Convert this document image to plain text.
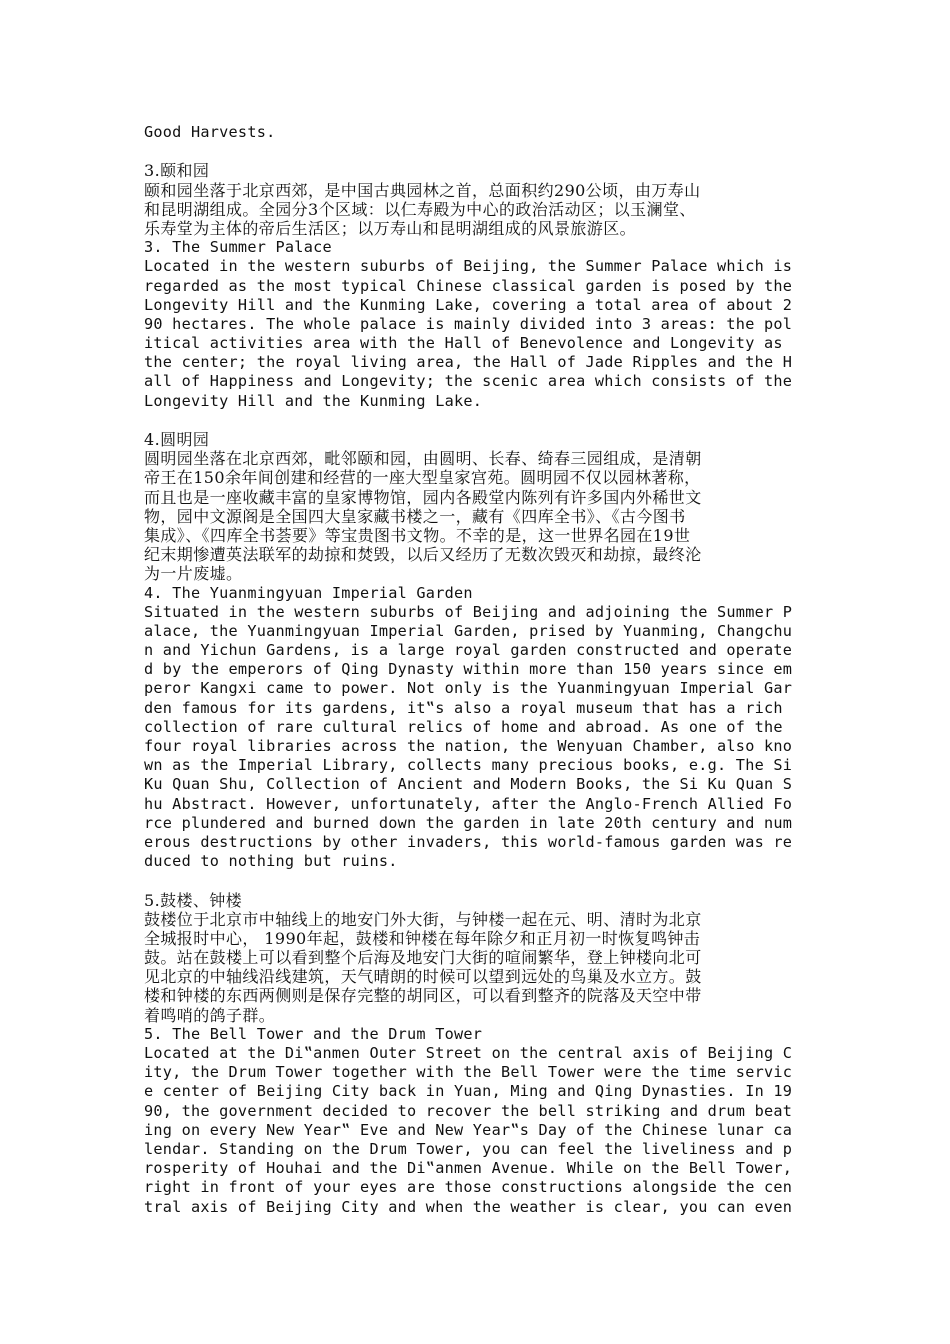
Good Harvests.
3.颐和园
颐和园坐落于北京西郊，是中国古典园林之首，总面积约290公顷，由万寿山
和昆明湖组成。全园分3个区域：以仁寿殿为中心的政治活动区；以玉澜堂、
乐寿堂为主体的帝后生活区；以万寿山和昆明湖组成的风景旅游区。
3. The Summer Palace
Located in the western suburbs of Beijing, the Summer Palace which is
regarded as the most typical Chinese classical garden is posed by the
Longevity Hill and the Kunming Lake, covering a total area of about 2
90 hectares. The whole palace is mainly divided into 3 areas: the pol
itical activities area with the Hall of Benevolence and Longevity as
the center; the royal living area, the Hall of Jade Ripples and the H
all of Happiness and Longevity; the scenic area which consists of the
Longevity Hill and the Kunming Lake.
4.圆明园
圆明园坐落在北京西郊，毗邻颐和园，由圆明、长春、绮春三园组成，是清朝
帝王在150余年间创建和经营的一座大型皇家宫苑。圆明园不仅以园林著称，
而且也是一座收藏丰富的皇家博物馆，园内各殿堂内陈列有许多国内外稀世文
物，园中文源阁是全国四大皇家藏书楼之一，藏有《四库全书》、《古今图书
集成》、《四库全书荟要》等宝贵图书文物。不幸的是，这一世界名园在19世
纪末期惨遭英法联军的劫掠和焚毁，以后又经历了无数次毁灭和劫掠，最终沦
为一片废墟。
4. The Yuanmingyuan Imperial Garden
Situated in the western suburbs of Beijing and adjoining the Summer P
alace, the Yuanmingyuan Imperial Garden, prised by Yuanming, Changchu
n and Yichun Gardens, is a large royal garden constructed and operate
d by the emperors of Qing Dynasty within more than 150 years since em
peror Kangxi came to power. Not only is the Yuanmingyuan Imperial Gar
den famous for its gardens, it‟s also a royal museum that has a rich
collection of rare cultural relics of home and abroad. As one of the
four royal libraries across the nation, the Wenyuan Chamber, also kno
wn as the Imperial Library, collects many precious books, e.g. The Si
Ku Quan Shu, Collection of Ancient and Modern Books, the Si Ku Quan S
hu Abstract. However, unfortunately, after the Anglo-French Allied Fo
rce plundered and burned down the garden in late 20th century and num
erous destructions by other invaders, this world-famous garden was re
duced to nothing but ruins.
5.鼓楼、钟楼
鼓楼位于北京市中轴线上的地安门外大街，与钟楼一起在元、明、清时为北京
全城报时中心， 1990年起，鼓楼和钟楼在每年除夕和正月初一时恢复鸣钟击
鼓。站在鼓楼上可以看到整个后海及地安门大街的喧闹繁华，登上钟楼向北可
见北京的中轴线沿线建筑，天气晴朗的时候可以望到远处的鸟巢及水立方。鼓
楼和钟楼的东西两侧则是保存完整的胡同区，可以看到整齐的院落及天空中带
着鸣哨的鸽子群。
5. The Bell Tower and the Drum Tower
Located at the Di‟anmen Outer Street on the central axis of Beijing C
ity, the Drum Tower together with the Bell Tower were the time servic
e center of Beijing City back in Yuan, Ming and Qing Dynasties. In 19
90, the government decided to recover the bell striking and drum beat
ing on every New Year‟ Eve and New Year‟s Day of the Chinese lunar ca
lendar. Standing on the Drum Tower, you can feel the liveliness and p
rosperity of Houhai and the Di‟anmen Avenue. While on the Bell Tower,
right in front of your eyes are those constructions alongside the cen
tral axis of Beijing City and when the weather is clear, you can even
